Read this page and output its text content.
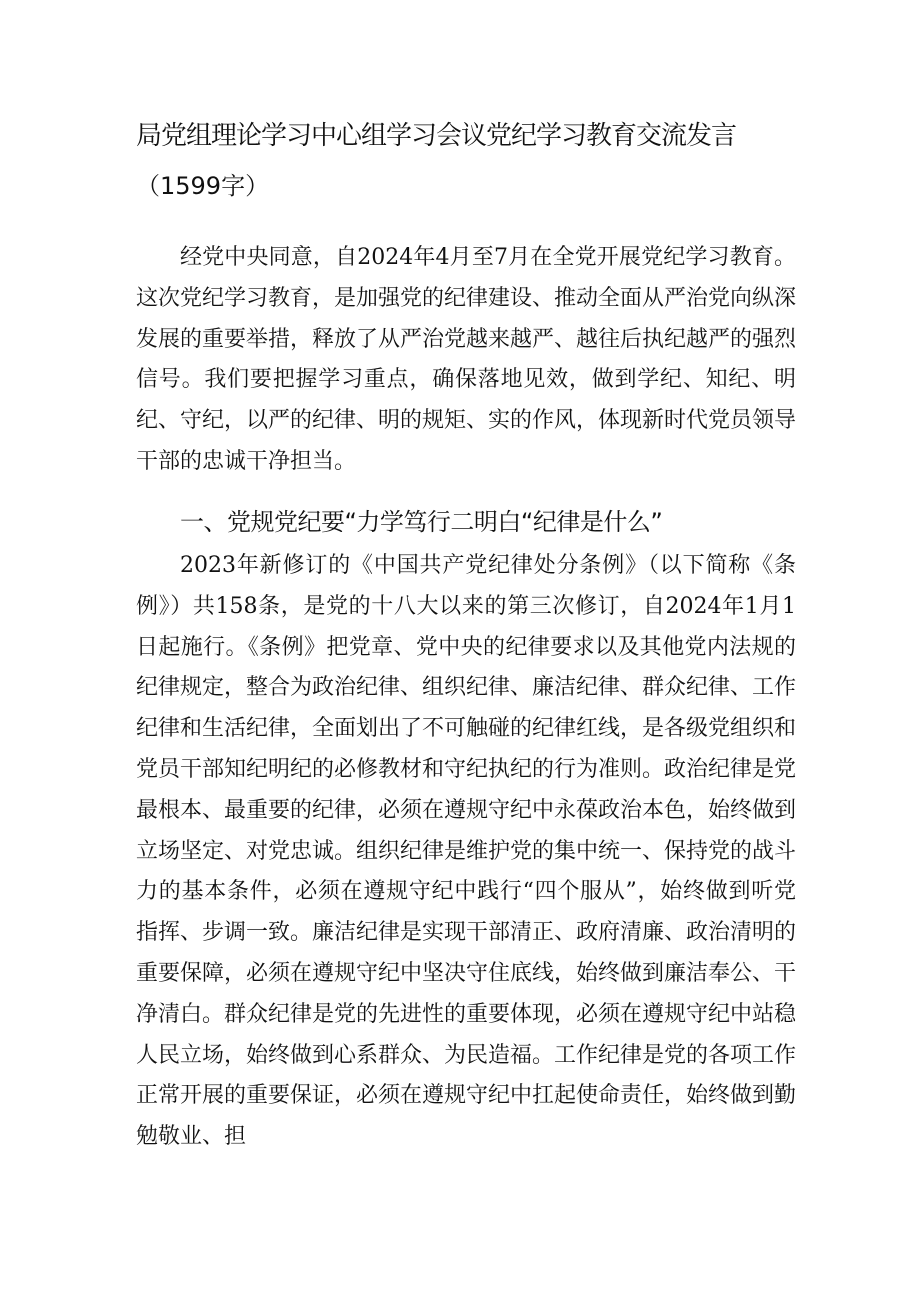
局党组理论学习中心组学习会议党纪学习教育交流发言
（1599字）

经党中央同意，自2024年4月至7月在全党开展党纪学习教育。这次党纪学习教育，是加强党的纪律建设、推动全面从严治党向纵深发展的重要举措，释放了从严治党越来越严、越往后执纪越严的强烈信号。我们要把握学习重点，确保落地见效，做到学纪、知纪、明纪、守纪，以严的纪律、明的规矩、实的作风，体现新时代党员领导干部的忠诚干净担当。

一、党规党纪要“力学笃行二明白“纪律是什么”

2023年新修订的《中国共产党纪律处分条例》（以下简称《条例》）共158条，是党的十八大以来的第三次修订，自2024年1月1日起施行。《条例》把党章、党中央的纪律要求以及其他党内法规的纪律规定，整合为政治纪律、组织纪律、廉洁纪律、群众纪律、工作纪律和生活纪律，全面划出了不可触碰的纪律红线，是各级党组织和党员干部知纪明纪的必修教材和守纪执纪的行为准则。政治纪律是党最根本、最重要的纪律，必须在遵规守纪中永葆政治本色，始终做到立场坚定、对党忠诚。组织纪律是维护党的集中统一、保持党的战斗力的基本条件，必须在遵规守纪中践行“四个服从”，始终做到听党指挥、步调一致。廉洁纪律是实现干部清正、政府清廉、政治清明的重要保障，必须在遵规守纪中坚决守住底线，始终做到廉洁奉公、干净清白。群众纪律是党的先进性的重要体现，必须在遵规守纪中站稳人民立场，始终做到心系群众、为民造福。工作纪律是党的各项工作正常开展的重要保证，必须在遵规守纪中扛起使命责任，始终做到勤勉敬业、担
